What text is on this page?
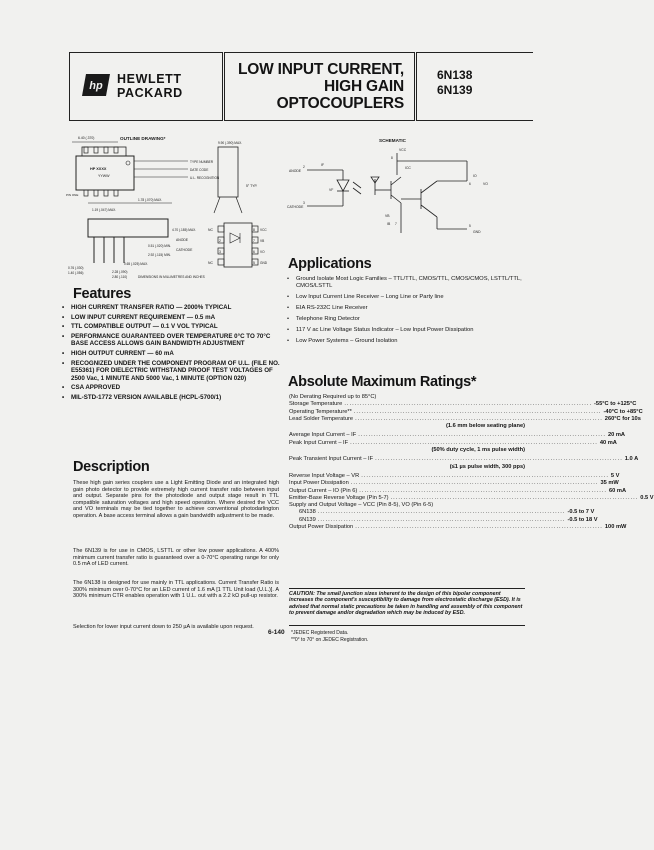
hp HEWLETT
PACKARD
LOW INPUT CURRENT,
HIGH GAIN
OPTOCOUPLERS
6N138
6N139
6.40 (.370)	OUTLINE DRAWING*
9.90 (.390) MAX.
HP XXXX
YYWW
PIN ONE
TYPE NUMBER
DATE CODE
U.L. RECOGNITION
1.78 (.070) MAX.
1.19 (.047) MAX.
5° TYP.
4.70 (.185) MAX.
ANODE
0.51 (.020) MIN.
CATHODE
2.92 (.115) MIN.
0.65 (.025) MAX.
0.76 (.030)
1.40 (.056)	2.28 (.090)
2.80 (.110)	DIMENSIONS IN MILLIMETRES AND INCHES
NC
2
3
NC
8
7
6
5
VCC
VB
VO
GND
SCHEMATIC
VCC
ICC
ANODE
CATHODE
IF
VF
IO
VO
VB
IB
GND
8
2
3
7
6
5
Features
• HIGH CURRENT TRANSFER RATIO — 2000% TYPICAL
• LOW INPUT CURRENT REQUIREMENT — 0.5 mA
• TTL COMPATIBLE OUTPUT — 0.1 V VOL TYPICAL
• PERFORMANCE GUARANTEED OVER TEMPERATURE 0°C TO 70°C BASE ACCESS ALLOWS GAIN BANDWIDTH ADJUSTMENT
• HIGH OUTPUT CURRENT — 60 mA
• RECOGNIZED UNDER THE COMPONENT PROGRAM OF U.L. (FILE NO. E55361) FOR DIELECTRIC WITHSTAND PROOF TEST VOLTAGES OF 2500 Vac, 1 MINUTE AND 5000 Vac, 1 MINUTE (OPTION 020)
• CSA APPROVED
• MIL-STD-1772 VERSION AVAILABLE (HCPL-5700/1)
Description
These high gain series couplers use a Light Emitting Diode and an integrated high gain photo detector to provide extremely high current transfer ratio between input and output. Separate pins for the photodiode and output stage result in TTL compatible saturation voltages and high speed operation. Where desired the VCC and VO terminals may be tied together to achieve conventional photodarlington operation. A base access terminal allows a gain bandwidth adjustment to be made.
The 6N139 is for use in CMOS, LSTTL or other low power applications. A 400% minimum current transfer ratio is guaranteed over a 0-70°C operating range for only 0.5 mA of LED current.
The 6N138 is designed for use mainly in TTL applications. Current Transfer Ratio is 300% minimum over 0-70°C for an LED current of 1.6 mA [1 TTL Unit load (U.L.)]. A 300% minimum CTR enables operation with 1 U.L. out with a 2.2 kΩ pull-up resistor.
Selection for lower input current down to 250 µA is available upon request.
6-140
Applications
• Ground Isolate Most Logic Families – TTL/TTL, CMOS/TTL, CMOS/CMOS, LSTTL/TTL, CMOS/LSTTL
• Low Input Current Line Receiver – Long Line or Party line
• EIA RS-232C Line Receiver
• Telephone Ring Detector
• 117 V ac Line Voltage Status Indicator – Low Input Power Dissipation
• Low Power Systems – Ground Isolation
Absolute Maximum Ratings*
(No Derating Required up to 85°C)
Storage Temperature .....	-55°C to +125°C
Operating Temperature** .....	-40°C to +85°C
Lead Solder Temperature .....	260°C for 10s
(1.6 mm below seating plane)
Average Input Current – IF .....	20 mA
Peak Input Current – IF .....	40 mA
(50% duty cycle, 1 ms pulse width)
Peak Transient Input Current – IF .....	1.0 A
(≤1 µs pulse width, 300 pps)
Reverse Input Voltage – VR .....	5 V
Input Power Dissipation .....	35 mW
Output Current – IO (Pin 6) .....	60 mA
Emitter-Base Reverse Voltage (Pin 5-7) .....	0.5 V
Supply and Output Voltage – VCC (Pin 8-5), VO (Pin 6-5)
6N138 .....	-0.5 to 7 V
6N139 .....	-0.5 to 18 V
Output Power Dissipation .....	100 mW
CAUTION: The small junction sizes inherent to the design of this bipolar component increases the component's susceptibility to damage from electrostatic discharge (ESD). It is advised that normal static precautions be taken in handling and assembly of this component to prevent damage and/or degradation which may be induced by ESD.
*JEDEC Registered Data.
**0° to 70° on JEDEC Registration.
